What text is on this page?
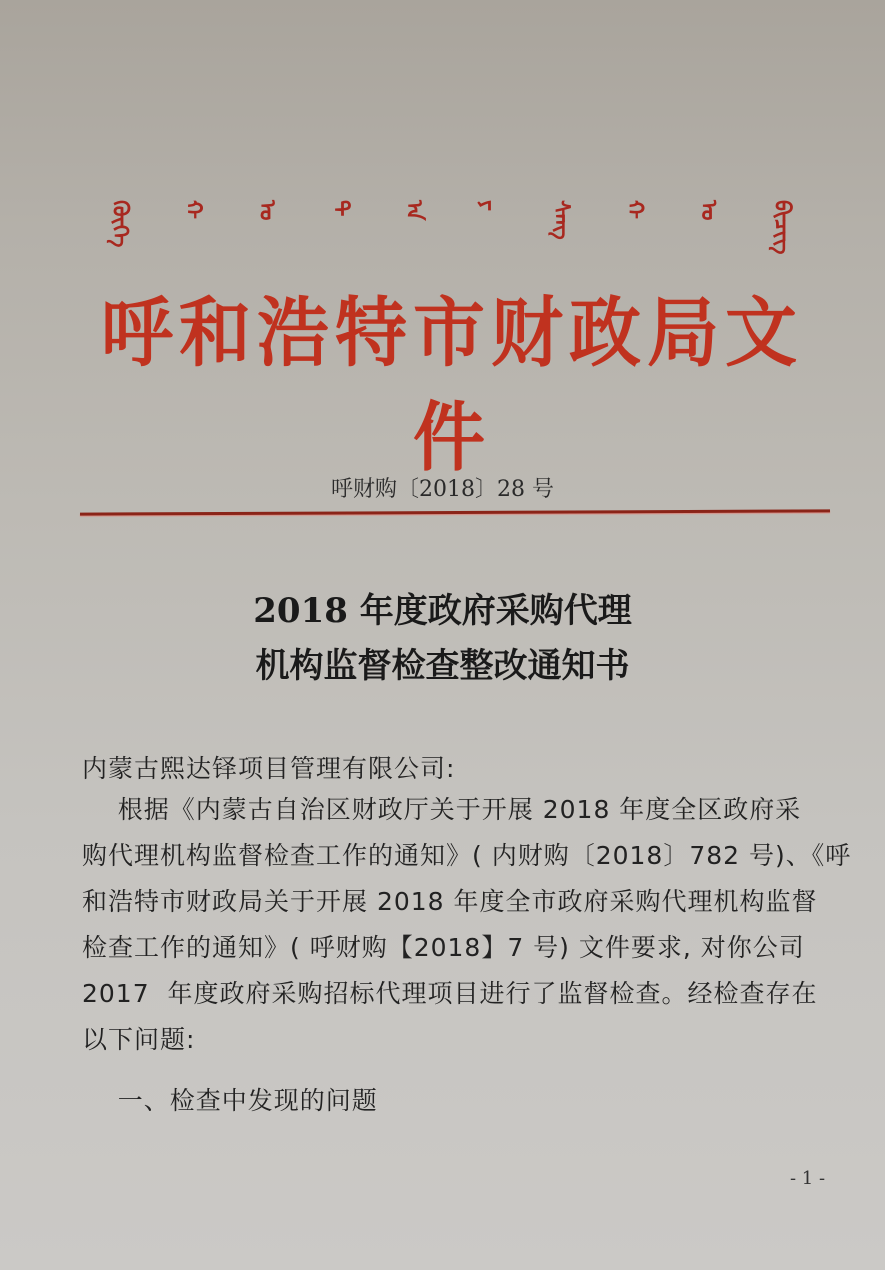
ᠬᠥᠬᠡ	ᠬ	ᠣ	ᠲ	ᠠ	ᠶ	ᠰᠠᠩ	ᠬ	ᠤ	ᠪᠢᠴᠢᠭ
呼和浩特市财政局文件
呼财购〔2018〕28 号
2018 年度政府采购代理
机构监督检查整改通知书
内蒙古熙达铎项目管理有限公司:
根据《内蒙古自治区财政厅关于开展 2018 年度全区政府采
购代理机构监督检查工作的通知》( 内财购〔2018〕782 号)、《呼
和浩特市财政局关于开展 2018 年度全市政府采购代理机构监督
检查工作的通知》( 呼财购【2018】7 号) 文件要求, 对你公司
2017  年度政府采购招标代理项目进行了监督检查。经检查存在
以下问题:
一、检查中发现的问题
- 1 -
